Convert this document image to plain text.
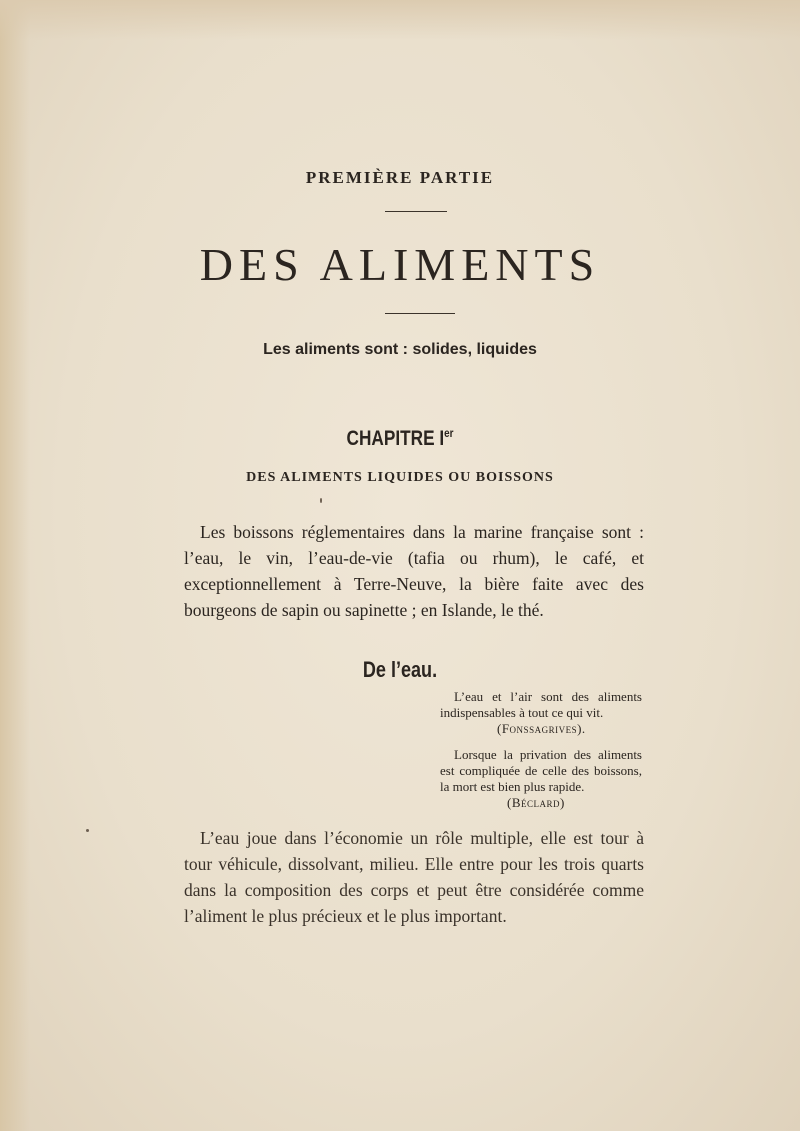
PREMIÈRE PARTIE
DES ALIMENTS
Les aliments sont : solides, liquides
CHAPITRE Ier
DES ALIMENTS LIQUIDES OU BOISSONS
Les boissons réglementaires dans la marine française sont : l’eau, le vin, l’eau-de-vie (tafia ou rhum), le café, et exceptionnellement à Terre-Neuve, la bière faite avec des bourgeons de sapin ou sapinette ; en Islande, le thé.
De l’eau.
L’eau et l’air sont des aliments indispensables à tout ce qui vit.
(Fonssagrives).
Lorsque la privation des aliments est compliquée de celle des boissons, la mort est bien plus rapide.
(Béclard)
L’eau joue dans l’économie un rôle multiple, elle est tour à tour véhicule, dissolvant, milieu. Elle entre pour les trois quarts dans la composition des corps et peut être considérée comme l’aliment le plus précieux et le plus important.
